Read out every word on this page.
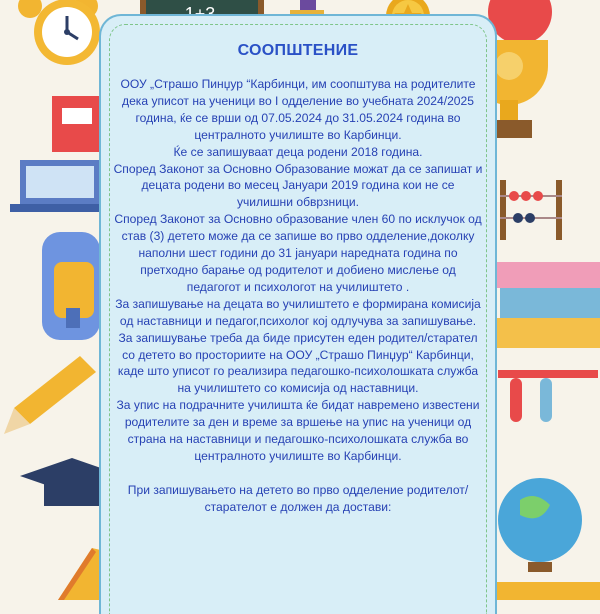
СООПШТЕНИЕ

ООУ „Страшо Пинџур “Карбинци, им соопштува на родителите дека уписот на ученици во I одделение во учебната 2024/2025 година, ќе се врши од 07.05.2024 до 31.05.2024 година во централното училиште во Карбинци.

Ќе се запишуваат деца родени 2018 година.

Според Законот за Основно Образование можат да се запишат и децата родени во месец Јануари 2019 година кои не се училишни обврзници.

Според Законот за Основно образование член 60 по исклучок од став (3) детето може да се запише во прво одделение,доколку наполни шест години до 31 јануари наредната година по претходно барање од родителот и добиено мислење од педагогот и психологот на училиштето .

За запишување на децата во училиштето е формирана комисија од наставници и педагог,психолог кој одлучува за запишување.

За запишување треба да биде присутен еден родител/старател со детето во просториите на ООУ „Страшо Пинџур“ Карбинци, каде што уписот го реализира педагошко-психолошката служба на училиштето со комисија од наставници.

За упис на подрачните училишта ќе бидат навремено известени родителите за ден и време за вршење на упис на ученици од страна на наставници и педагошко-психолошката служба во централното училиште во Карбинци.

При запишувањето на детето во прво одделение родителот/ старателот е должен да достави:
